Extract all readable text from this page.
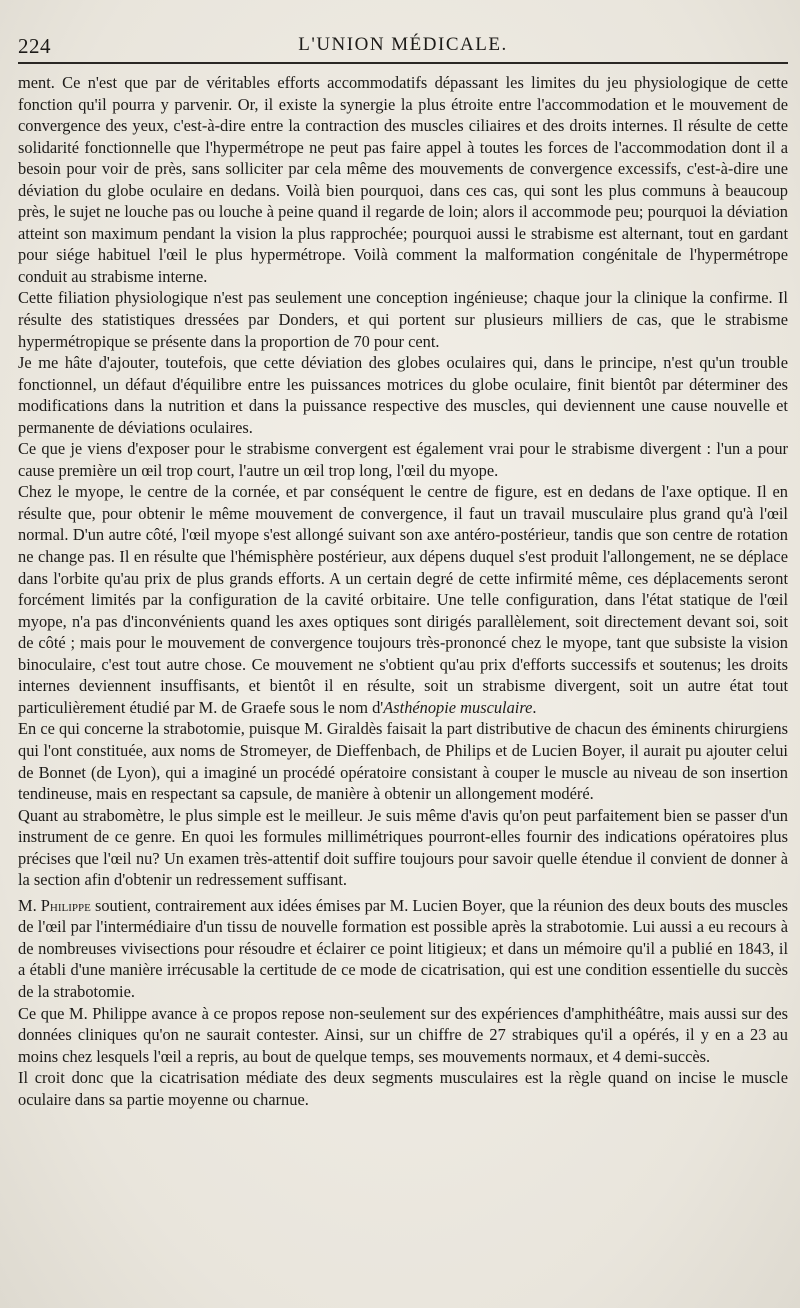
224	L'UNION MÉDICALE.

ment. Ce n'est que par de véritables efforts accommodatifs dépassant les limites du jeu physiologique de cette fonction qu'il pourra y parvenir. Or, il existe la synergie la plus étroite entre l'accommodation et le mouvement de convergence des yeux, c'est-à-dire entre la contraction des muscles ciliaires et des droits internes. Il résulte de cette solidarité fonctionnelle que l'hypermétrope ne peut pas faire appel à toutes les forces de l'accommodation dont il a besoin pour voir de près, sans solliciter par cela même des mouvements de convergence excessifs, c'est-à-dire une déviation du globe oculaire en dedans. Voilà bien pourquoi, dans ces cas, qui sont les plus communs à beaucoup près, le sujet ne louche pas ou louche à peine quand il regarde de loin; alors il accommode peu; pourquoi la déviation atteint son maximum pendant la vision la plus rapprochée; pourquoi aussi le strabisme est alternant, tout en gardant pour siége habituel l'œil le plus hypermétrope. Voilà comment la malformation congénitale de l'hypermétrope conduit au strabisme interne.

Cette filiation physiologique n'est pas seulement une conception ingénieuse; chaque jour la clinique la confirme. Il résulte des statistiques dressées par Donders, et qui portent sur plusieurs milliers de cas, que le strabisme hypermétropique se présente dans la proportion de 70 pour cent.

Je me hâte d'ajouter, toutefois, que cette déviation des globes oculaires qui, dans le principe, n'est qu'un trouble fonctionnel, un défaut d'équilibre entre les puissances motrices du globe oculaire, finit bientôt par déterminer des modifications dans la nutrition et dans la puissance respective des muscles, qui deviennent une cause nouvelle et permanente de déviations oculaires.

Ce que je viens d'exposer pour le strabisme convergent est également vrai pour le strabisme divergent : l'un a pour cause première un œil trop court, l'autre un œil trop long, l'œil du myope.

Chez le myope, le centre de la cornée, et par conséquent le centre de figure, est en dedans de l'axe optique. Il en résulte que, pour obtenir le même mouvement de convergence, il faut un travail musculaire plus grand qu'à l'œil normal. D'un autre côté, l'œil myope s'est allongé suivant son axe antéro-postérieur, tandis que son centre de rotation ne change pas. Il en résulte que l'hémisphère postérieur, aux dépens duquel s'est produit l'allongement, ne se déplace dans l'orbite qu'au prix de plus grands efforts. A un certain degré de cette infirmité même, ces déplacements seront forcément limités par la configuration de la cavité orbitaire. Une telle configuration, dans l'état statique de l'œil myope, n'a pas d'inconvénients quand les axes optiques sont dirigés parallèlement, soit directement devant soi, soit de côté ; mais pour le mouvement de convergence toujours très-prononcé chez le myope, tant que subsiste la vision binoculaire, c'est tout autre chose. Ce mouvement ne s'obtient qu'au prix d'efforts successifs et soutenus; les droits internes deviennent insuffisants, et bientôt il en résulte, soit un strabisme divergent, soit un autre état tout particulièrement étudié par M. de Graefe sous le nom d'Asthénopie musculaire.

En ce qui concerne la strabotomie, puisque M. Giraldès faisait la part distributive de chacun des éminents chirurgiens qui l'ont constituée, aux noms de Stromeyer, de Dieffenbach, de Philips et de Lucien Boyer, il aurait pu ajouter celui de Bonnet (de Lyon), qui a imaginé un procédé opératoire consistant à couper le muscle au niveau de son insertion tendineuse, mais en respectant sa capsule, de manière à obtenir un allongement modéré.

Quant au strabomètre, le plus simple est le meilleur. Je suis même d'avis qu'on peut parfaitement bien se passer d'un instrument de ce genre. En quoi les formules millimétriques pourront-elles fournir des indications opératoires plus précises que l'œil nu? Un examen très-attentif doit suffire toujours pour savoir quelle étendue il convient de donner à la section afin d'obtenir un redressement suffisant.

M. Philippe soutient, contrairement aux idées émises par M. Lucien Boyer, que la réunion des deux bouts des muscles de l'œil par l'intermédiaire d'un tissu de nouvelle formation est possible après la strabotomie. Lui aussi a eu recours à de nombreuses vivisections pour résoudre et éclairer ce point litigieux; et dans un mémoire qu'il a publié en 1843, il a établi d'une manière irrécusable la certitude de ce mode de cicatrisation, qui est une condition essentielle du succès de la strabotomie.

Ce que M. Philippe avance à ce propos repose non-seulement sur des expériences d'amphithéâtre, mais aussi sur des données cliniques qu'on ne saurait contester. Ainsi, sur un chiffre de 27 strabiques qu'il a opérés, il y en a 23 au moins chez lesquels l'œil a repris, au bout de quelque temps, ses mouvements normaux, et 4 demi-succès.

Il croit donc que la cicatrisation médiate des deux segments musculaires est la règle quand on incise le muscle oculaire dans sa partie moyenne ou charnue.
